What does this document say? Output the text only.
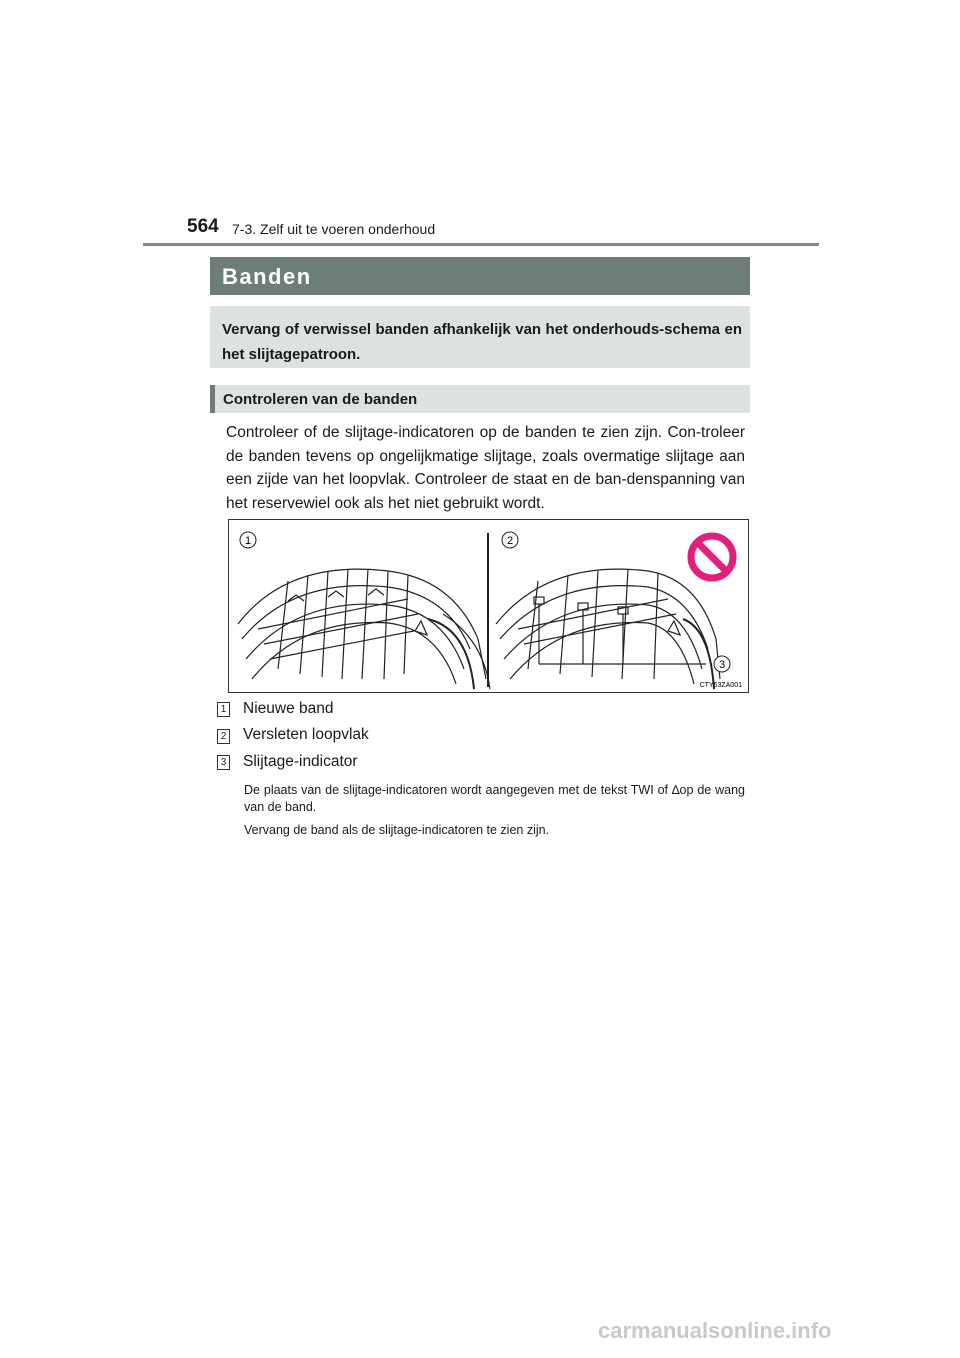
564 7-3. Zelf uit te voeren onderhoud
Banden
Vervang of verwissel banden afhankelijk van het onderhouds-schema en het slijtagepatroon.
Controleren van de banden
Controleer of de slijtage-indicatoren op de banden te zien zijn. Con-troleer de banden tevens op ongelijkmatige slijtage, zoals overmatige slijtage aan een zijde van het loopvlak. Controleer de staat en de ban-denspanning van het reservewiel ook als het niet gebruikt wordt.
1	2
3
CTY63ZA001
1 Nieuwe band
2 Versleten loopvlak
3 Slijtage-indicator
De plaats van de slijtage-indicatoren wordt aangegeven met de tekst TWI of ∆op de wang van de band.
Vervang de band als de slijtage-indicatoren te zien zijn.
carmanualsonline.info
